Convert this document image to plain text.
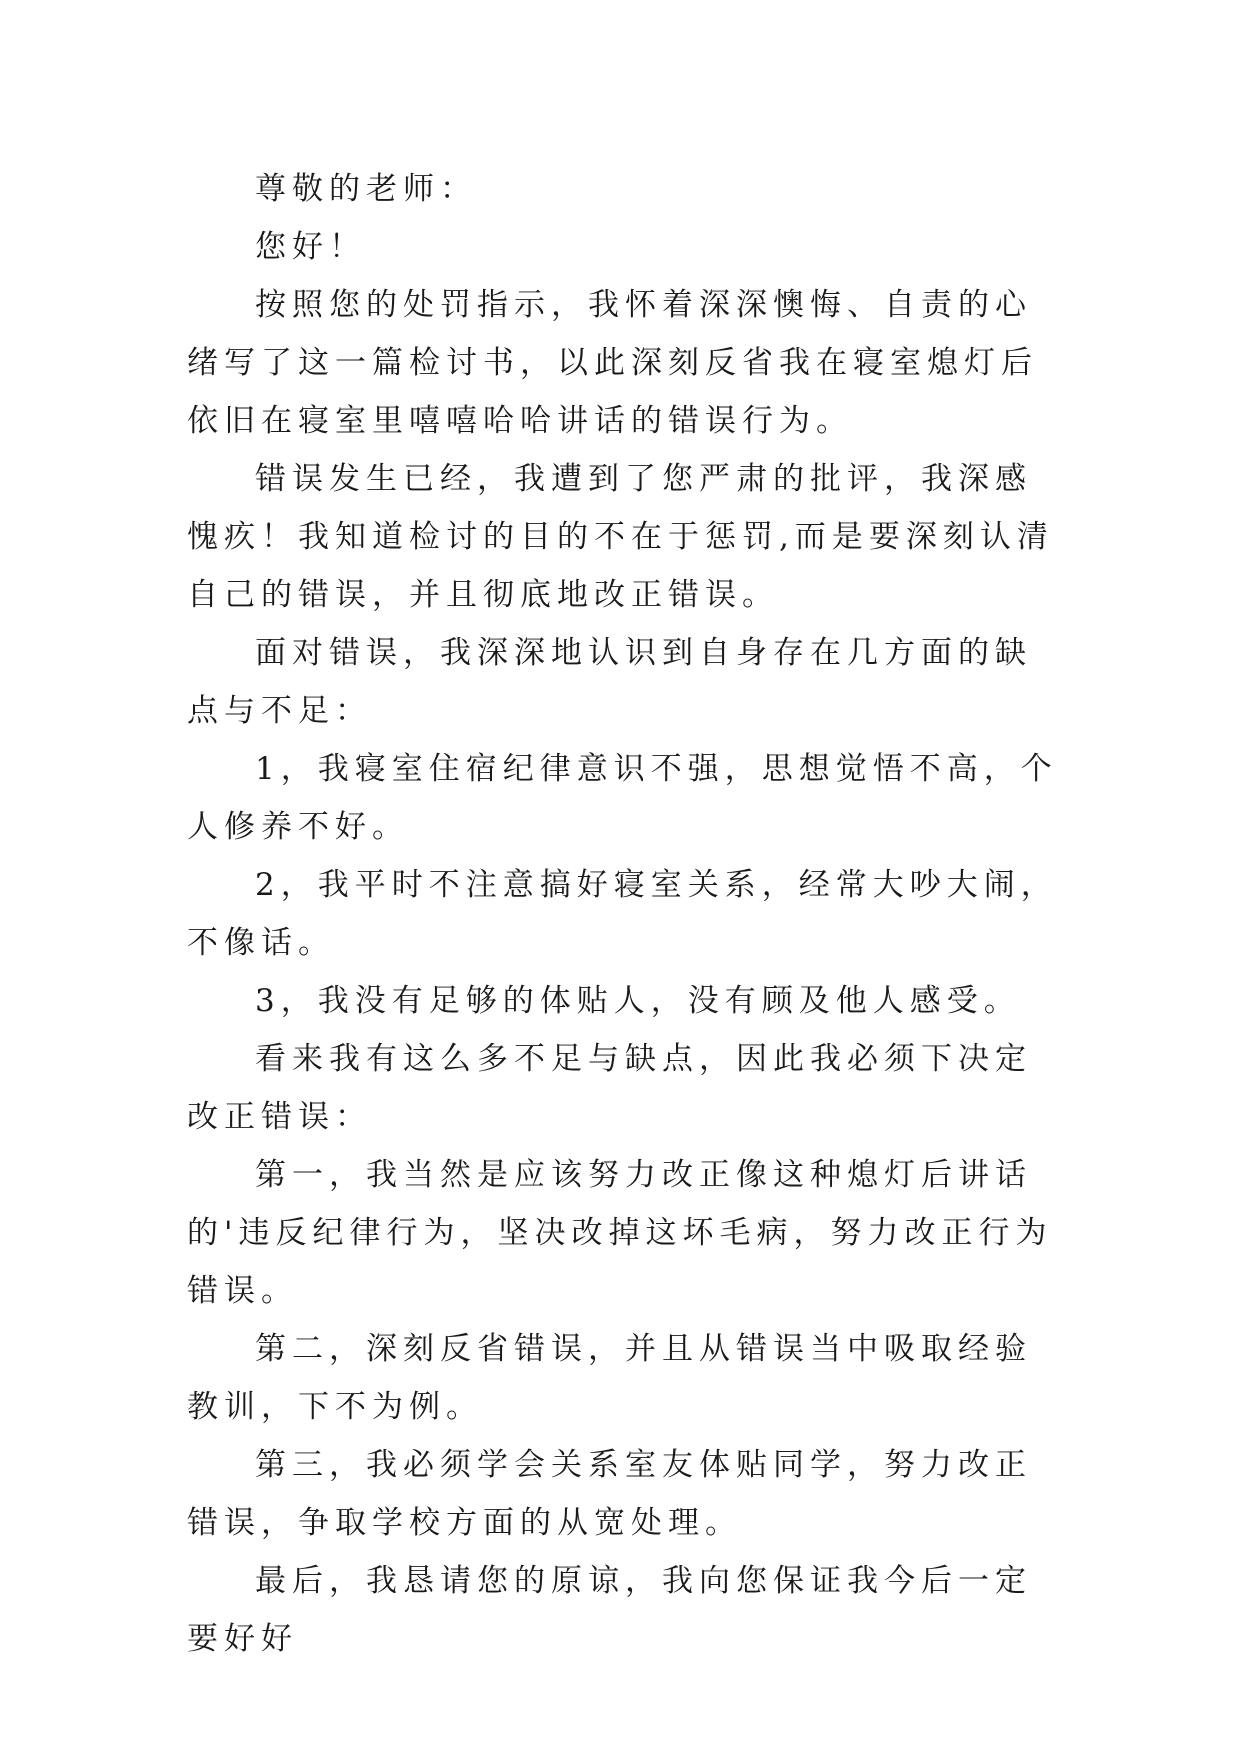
尊敬的老师：

您好！

按照您的处罚指示，我怀着深深懊悔、自责的心绪写了这一篇检讨书，以此深刻反省我在寝室熄灯后依旧在寝室里嘻嘻哈哈讲话的错误行为。

错误发生已经，我遭到了您严肃的批评，我深感愧疚！我知道检讨的目的不在于惩罚,而是要深刻认清自己的错误，并且彻底地改正错误。

面对错误，我深深地认识到自身存在几方面的缺点与不足：

1，我寝室住宿纪律意识不强，思想觉悟不高，个人修养不好。

2，我平时不注意搞好寝室关系，经常大吵大闹，不像话。

3，我没有足够的体贴人，没有顾及他人感受。

看来我有这么多不足与缺点，因此我必须下决定改正错误：

第一，我当然是应该努力改正像这种熄灯后讲话的'违反纪律行为，坚决改掉这坏毛病，努力改正行为错误。

第二，深刻反省错误，并且从错误当中吸取经验教训，下不为例。

第三，我必须学会关系室友体贴同学，努力改正错误，争取学校方面的从宽处理。

最后，我恳请您的原谅，我向您保证我今后一定要好好
